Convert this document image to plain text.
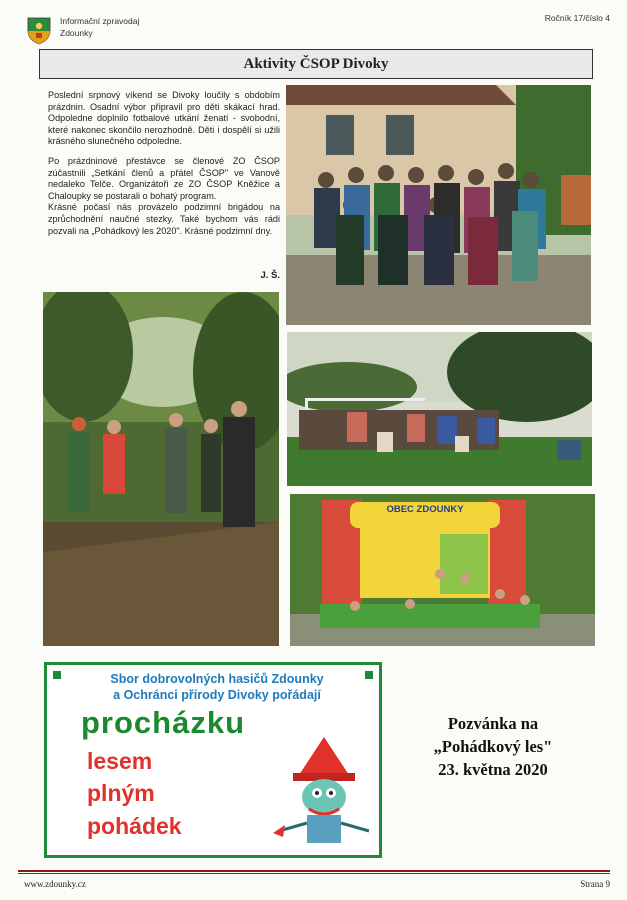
Informační zpravodaj
Zdounky
Ročník 17/číslo 4
Aktivity ČSOP Divoky

Poslední srpnový víkend se Divoky loučily s obdobím prázdnin. Osadní výbor připravil pro děti skákací hrad. Odpoledne doplnilo fotbalové utkání ženatí - svobodní, které nakonec skončilo nerozhodně. Děti i dospělí si užili krásného slunečného odpoledne.

Po prázdninové přestávce se členové ZO ČSOP zúčastnili „Setkání členů a přátel ČSOP" ve Vanově nedaleko Telče. Organizátoři ze ZO ČSOP Kněžice a Chaloupky se postarali o bohatý program.

Krásné počasí nás provázelo podzimní brigádou na zprůchodnění naučné stezky. Také bychom vás rádi pozvali na „Pohádkový les 2020". Krásné podzimní dny.

J. Š.
OBEC ZDOUNKY
Sbor dobrovolných hasičů Zdounky
a Ochránci přírody Divoky pořádají
procházku
lesem
plným
pohádek
Pozvánka na
„Pohádkový les"
23. května 2020
www.zdounky.cz	Strana 9
